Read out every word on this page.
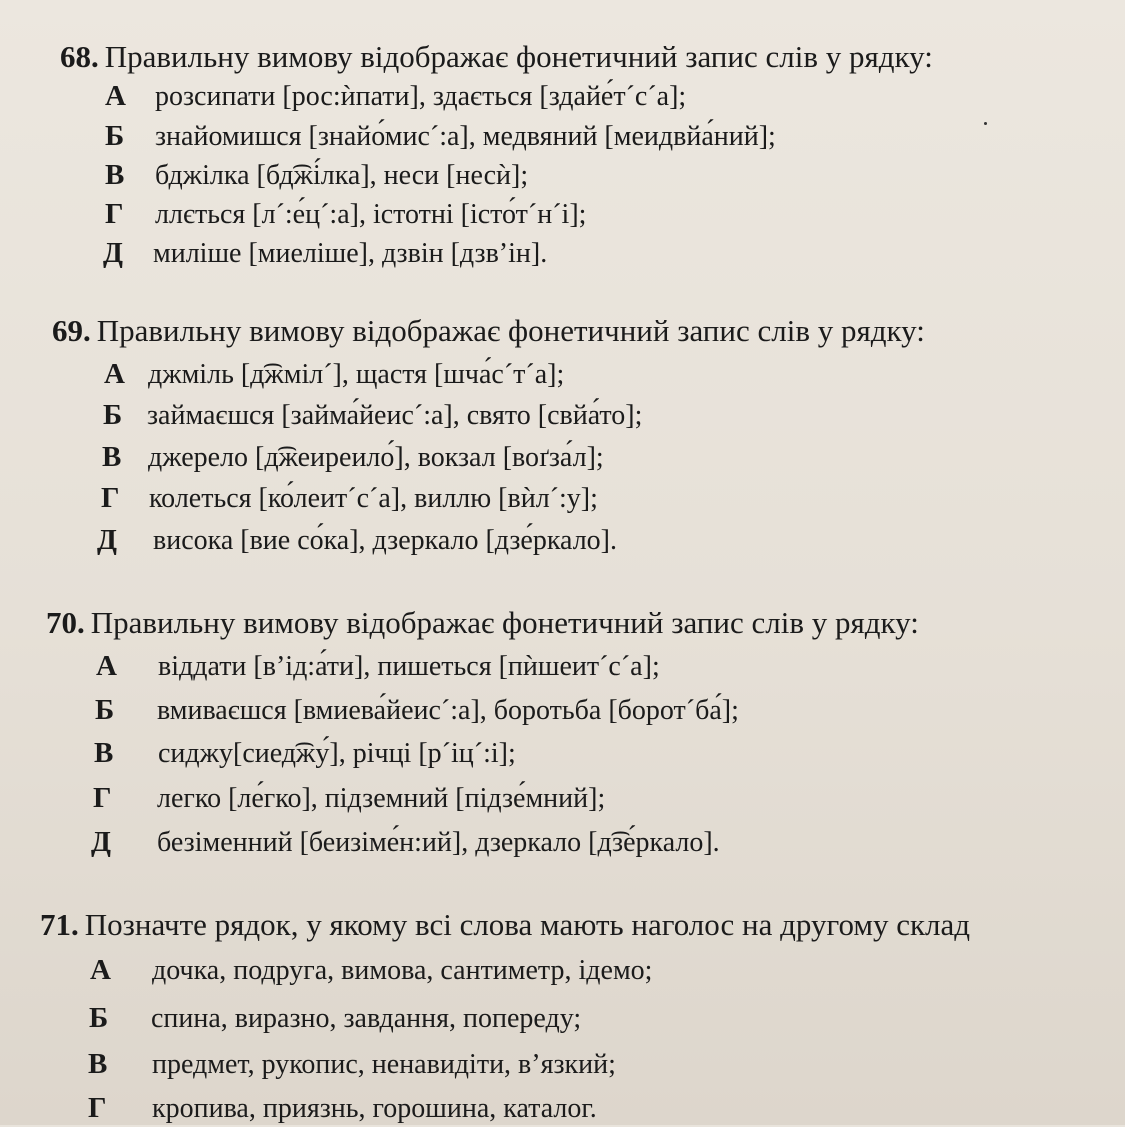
68. Правильну вимову відображає фонетичний запис слів у рядку:
А розсипати [рос:ѝпати], здається [здайе́т´с´а];
Б знайомишся [знайо́мис´:а], медвяний [меидвйа́ний];
В бджілка [бд͡жі́лка], неси [несѝ];
Г ллється [л´:е́ц´:а], істотні [істо́т´н´і];
Д миліше [миеліше], дзвін [дзв’ін].
69. Правильну вимову відображає фонетичний запис слів у рядку:
А джміль [д͡жміл´], щастя [шча́с´т´а];
Б займаєшся [займа́йеис´:а], свято [свйа́то];
В джерело [д͡жеиреило́], вокзал [воґза́л];
Г колеться [ко́леит´с´а], виллю [вѝл´:у];
Д висока [вие со́ка], дзеркало [дзе́ркало].
70. Правильну вимову відображає фонетичний запис слів у рядку:
А віддати [в’ід:а́ти], пишеться [пѝшеит´с´а];
Б вмиваєшся [вмиева́йеис´:а], боротьба [борот´ба́];
В сиджу[сиед͡жу́], річці [р´іц´:і];
Г легко [ле́гко], підземний [підзе́мний];
Д безіменний [беизіме́н:ий], дзеркало [д͡зе́ркало].
71. Позначте рядок, у якому всі слова мають наголос на другому склад
А дочка, подруга, вимова, сантиметр, ідемо;
Б спина, виразно, завдання, попереду;
В предмет, рукопис, ненавидіти, в’язкий;
Г кропива, приязнь, горошина, каталог.
